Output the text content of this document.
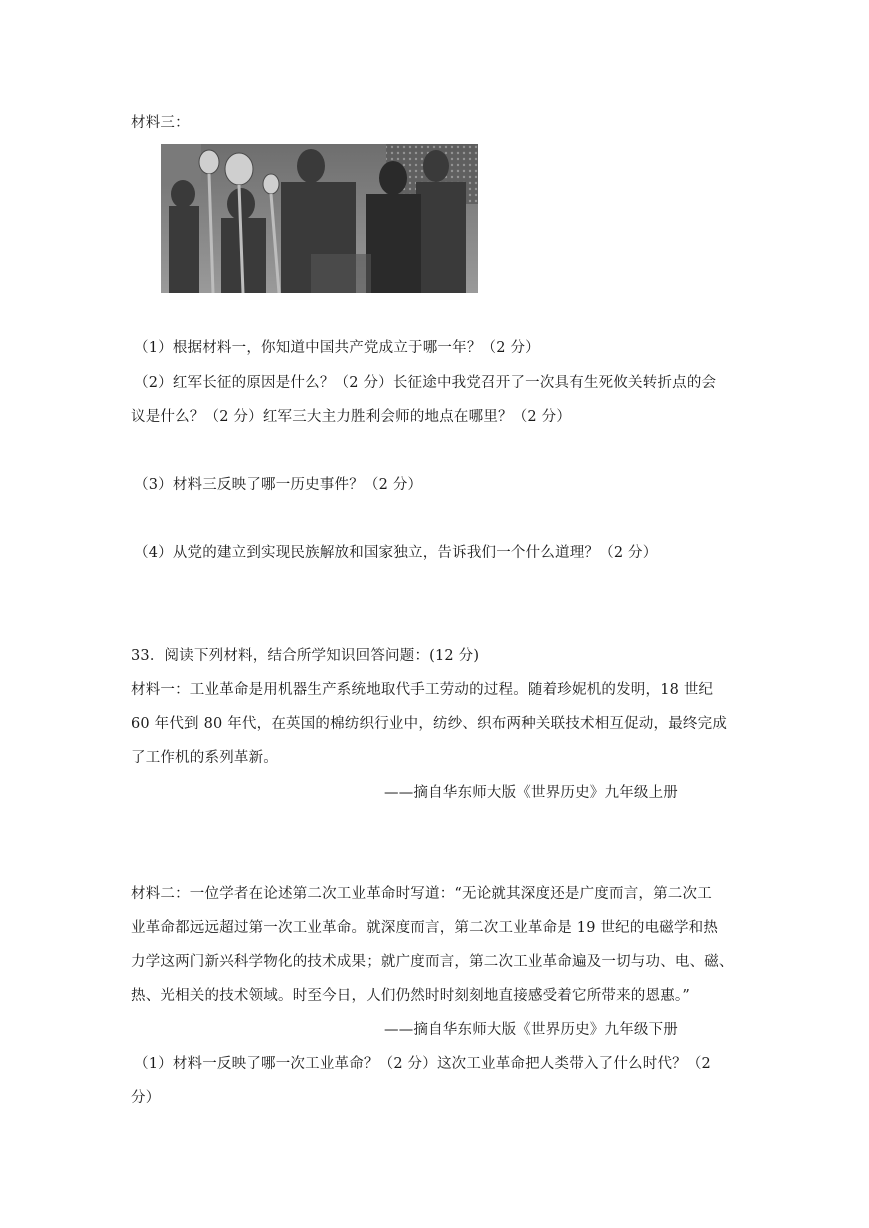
材料三：
（1）根据材料一，你知道中国共产党成立于哪一年？（2 分）
（2）红军长征的原因是什么？（2 分）长征途中我党召开了一次具有生死攸关转折点的会
议是什么？（2 分）红军三大主力胜利会师的地点在哪里？（2 分）
（3）材料三反映了哪一历史事件？（2 分）
（4）从党的建立到实现民族解放和国家独立，告诉我们一个什么道理？（2 分）
33．阅读下列材料，结合所学知识回答问题：(12 分)
材料一：工业革命是用机器生产系统地取代手工劳动的过程。随着珍妮机的发明，18 世纪
60 年代到 80 年代，在英国的棉纺织行业中，纺纱、织布两种关联技术相互促动，最终完成
了工作机的系列革新。
——摘自华东师大版《世界历史》九年级上册
材料二：一位学者在论述第二次工业革命时写道：“无论就其深度还是广度而言，第二次工
业革命都远远超过第一次工业革命。就深度而言，第二次工业革命是 19 世纪的电磁学和热
力学这两门新兴科学物化的技术成果；就广度而言，第二次工业革命遍及一切与功、电、磁、
热、光相关的技术领域。时至今日，人们仍然时时刻刻地直接感受着它所带来的恩惠。”
——摘自华东师大版《世界历史》九年级下册
（1）材料一反映了哪一次工业革命？（2 分）这次工业革命把人类带入了什么时代？（2
分）
